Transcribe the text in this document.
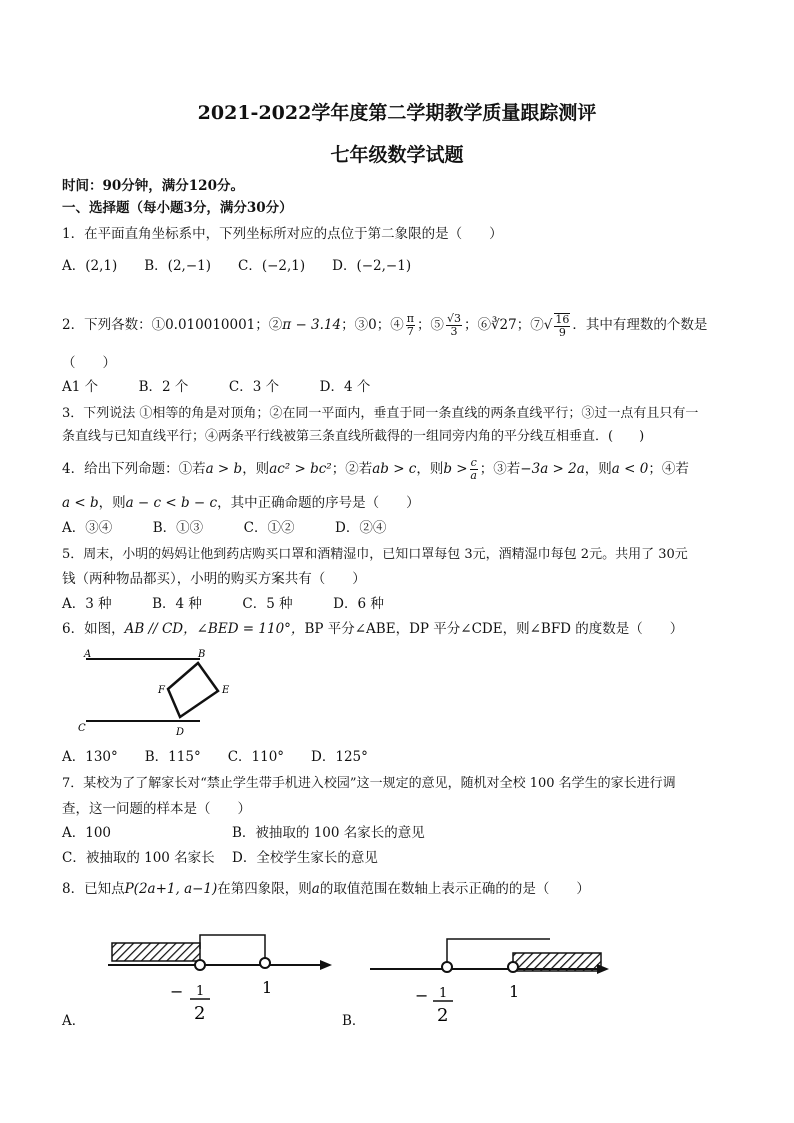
2021-2022学年度第二学期教学质量跟踪测评
七年级数学试题
时间：90分钟，满分120分。
一、选择题（每小题3分，满分30分）
1．在平面直角坐标系中，下列坐标所对应的点位于第二象限的是（　　）
A．(2,1)　　B．(2,−1)　　C．(−2,1)　　D．(−2,−1)
2．下列各数：①0.010010001；②π − 3.14；③0；④ $\frac{\pi}{7}$ ；⑤ $\frac{√3}{3}$ ；⑥∛27；⑦√ $\frac{16}{9}$ ．其中有理数的个数是
（　　）
A1 个　　　B．2 个　　　C．3 个　　　D．4 个
3．下列说法 ①相等的角是对顶角；②在同一平面内，垂直于同一条直线的两条直线平行；③过一点有且只有一
条直线与已知直线平行；④两条平行线被第三条直线所截得的一组同旁内角的平分线互相垂直．(　　)
4．给出下列命题：①若a > b，则ac² > bc²；②若ab > c，则$b > \frac{c}{a}$ ；③若−3a > 2a，则a < 0；④若
a < b，则a − c < b − c，其中正确命题的序号是（　　）
A．③④　　　B．①③　　　C．①②　　　D．②④
5．周末，小明的妈妈让他到药店购买口罩和酒精湿巾，已知口罩每包 3元，酒精湿巾每包 2元。共用了 30元
钱（两种物品都买），小明的购买方案共有（　　）
A．3 种　　　B．4 种　　　C．5 种　　　D．6 种
6．如图，AB // CD，∠BED = 110°，BP 平分∠ABE，DP 平分∠CDE，则∠BFD 的度数是（　　）
A	B
C	D
F	E
A．130°　　B．115°　　C．110°　　D．125°
7．某校为了了解家长对“禁止学生带手机进入校园”这一规定的意见，随机对全校 100 名学生的家长进行调
查，这一问题的样本是（　　）
A．100	B．被抽取的 100 名家长的意见
C．被抽取的 100 名家长 D．全校学生家长的意见
8．已知点P(2a+1, a−1)在第四象限，则a的取值范围在数轴上表示正确的的是（　　）
− 1
2
1
A．
− 1
2
1
B．
